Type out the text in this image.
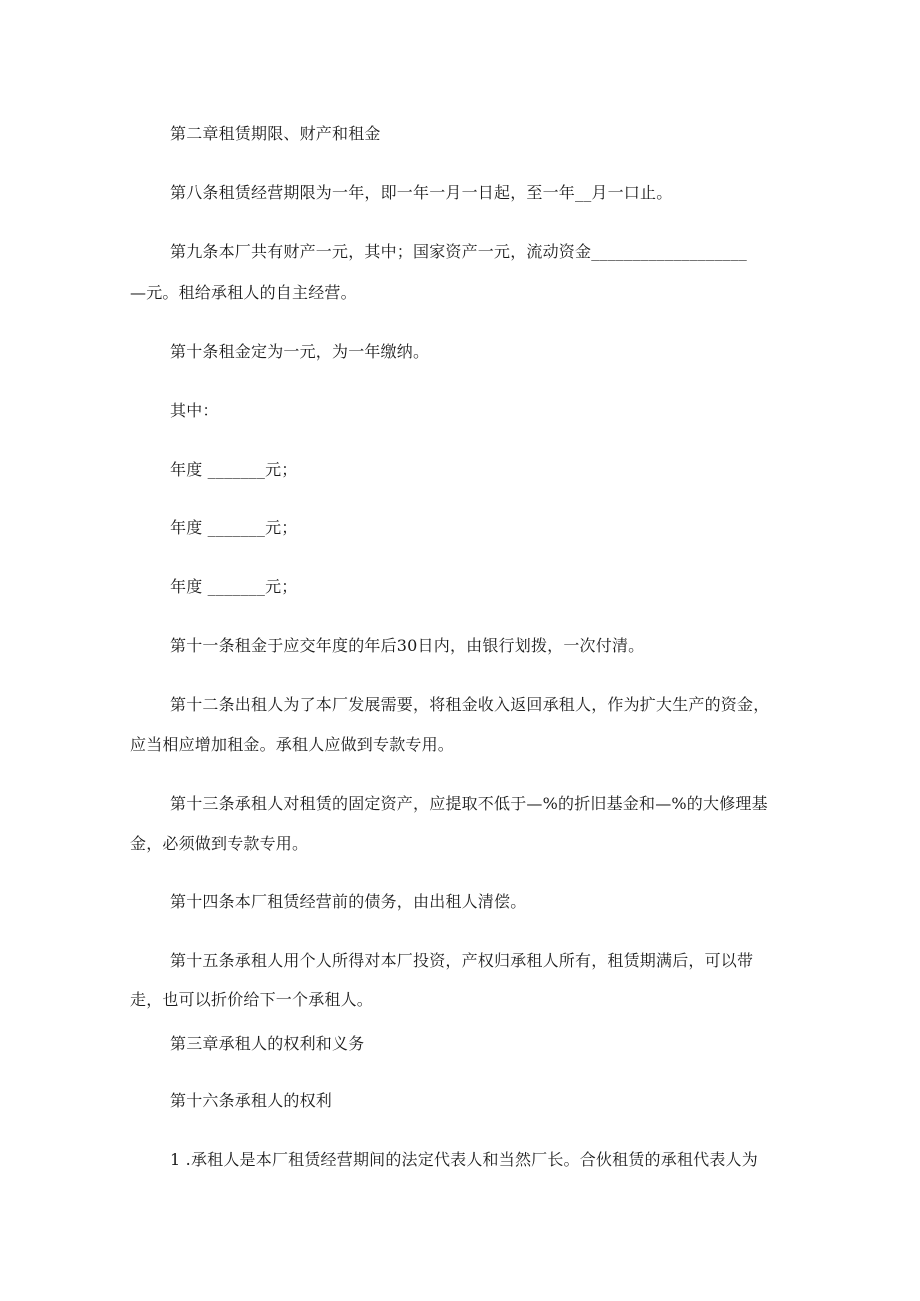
第二章租赁期限、财产和租金
第八条租赁经营期限为一年，即一年一月一日起，至一年__月一口止。
第九条本厂共有财产一元，其中；国家资产一元，流动资金___________________
—元。租给承租人的自主经营。
第十条租金定为一元，为一年缴纳。
其中：
年度 _______元；
年度 _______元；
年度 _______元；
第十一条租金于应交年度的年后30日内，由银行划拨，一次付清。
第十二条出租人为了本厂发展需要，将租金收入返回承租人，作为扩大生产的资金，
应当相应增加租金。承租人应做到专款专用。
第十三条承租人对租赁的固定资产，应提取不低于—%的折旧基金和—%的大修理基
金，必须做到专款专用。
第十四条本厂租赁经营前的债务，由出租人清偿。
第十五条承租人用个人所得对本厂投资，产权归承租人所有，租赁期满后，可以带
走，也可以折价给下一个承租人。
第三章承租人的权利和义务
第十六条承租人的权利
1 .承租人是本厂租赁经营期间的法定代表人和当然厂长。合伙租赁的承租代表人为
